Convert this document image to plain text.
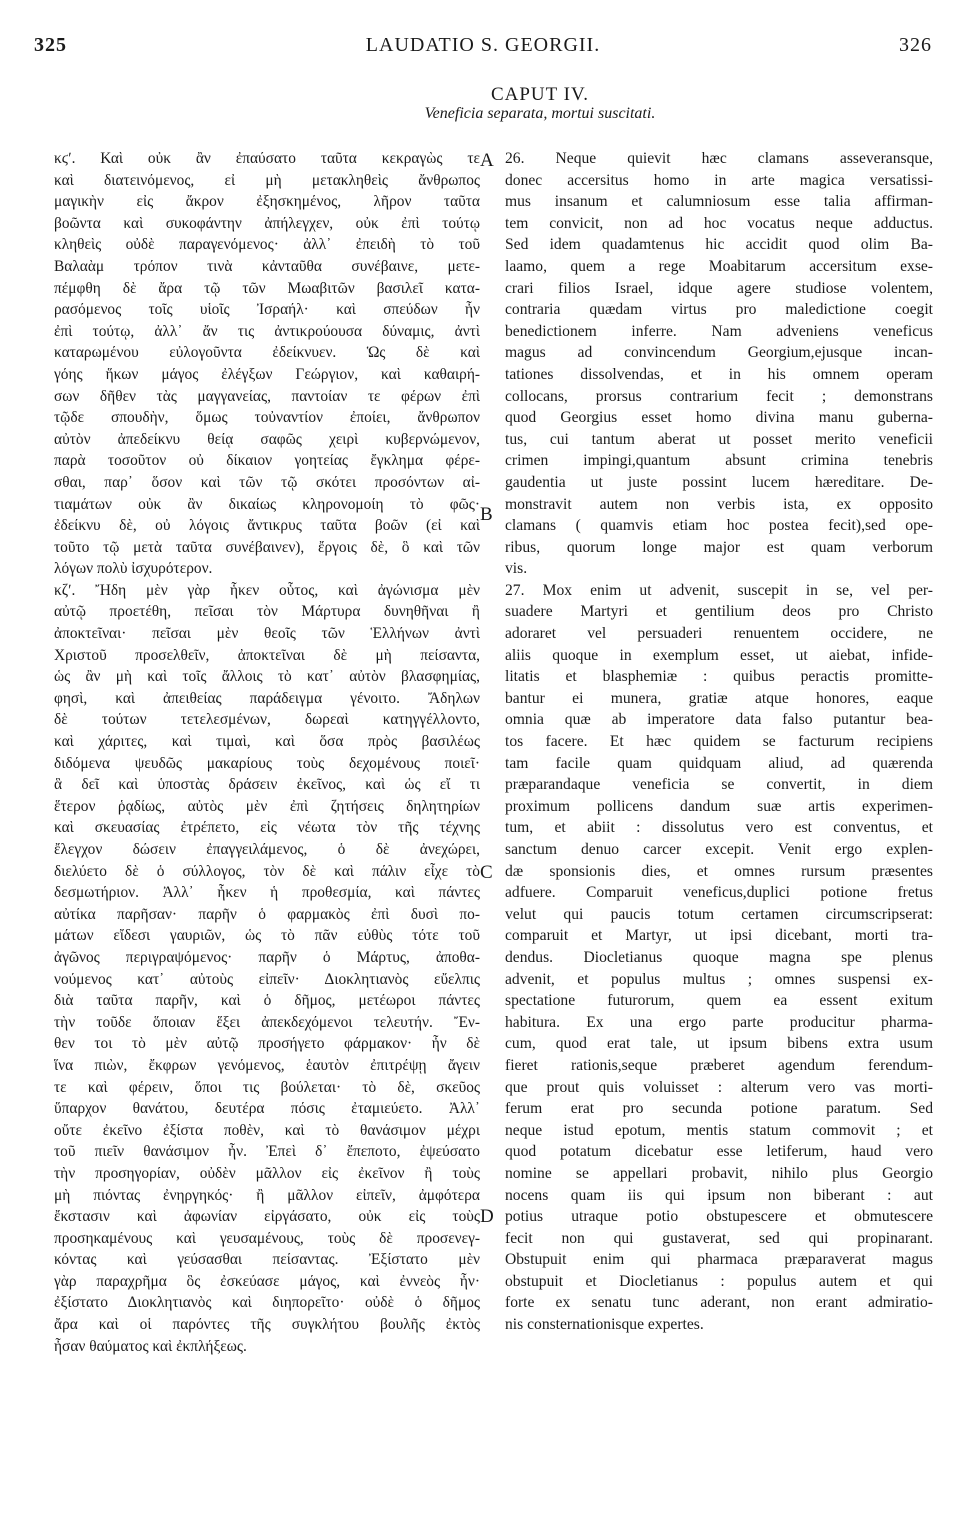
325	LAUDATIO S. GEORGII.	326
CAPUT IV.
Veneficia separata, mortui suscitati.
κϛʹ. Καὶ οὐκ ἂν ἐπαύσατο ταῦτα κεκραγὼς τε
καὶ διατεινόμενος, εἰ μὴ μετακληθεὶς ἄνθρωπος
μαγικὴν εἰς ἄκρον ἐξησκημένος, λῆρον ταῦτα
βοῶντα καὶ συκοφάντην ἀπήλεγχεν, οὐκ ἐπὶ τούτῳ
κληθεὶς οὐδὲ παραγενόμενος· ἀλλ᾽ ἐπειδὴ τὸ τοῦ
Βαλαὰμ τρόπον τινὰ κἀνταῦθα συνέβαινε, μετε-
πέμφθη δὲ ἄρα τῷ τῶν Μωαβιτῶν βασιλεῖ κατα-
ρασόμενος τοῖς υἱοῖς Ἰσραήλ· καὶ σπεύδων ἦν
ἐπὶ τούτῳ, ἀλλ᾽ ἄν τις ἀντικρούουσα δύναμις, ἀντὶ
καταρωμένου εὐλογοῦντα ἐδείκνυεν. Ὡς δὲ καὶ
γόης ἥκων μάγος ἐλέγξων Γεώργιον, καὶ καθαιρή-
σων δῆθεν τὰς μαγγανείας, παντοίαν τε φέρων ἐπὶ
τῷδε σπουδὴν, ὅμως τοὐναντίον ἐποίει, ἄνθρωπον
αὐτὸν ἀπεδείκνυ θείᾳ σαφῶς χειρὶ κυβερνώμενον,
παρὰ τοσοῦτον οὐ δίκαιον γοητείας ἔγκλημα φέρε-
σθαι, παρ᾽ ὅσον καὶ τῶν τῷ σκότει προσόντων αἰ-
τιαμάτων οὐκ ἂν δικαίως κληρονομοίη τὸ φῶς·
ἐδείκνυ δὲ, οὐ λόγοις ἄντικρυς ταῦτα βοῶν (εἰ καὶ
τοῦτο τῷ μετὰ ταῦτα συνέβαινεν), ἔργοις δὲ, ὃ καὶ τῶν
λόγων πολὺ ἰσχυρότερον.
κζʹ. Ἤδη μὲν γὰρ ἧκεν οὗτος, καὶ ἀγώνισμα μὲν
αὐτῷ προετέθη, πεῖσαι τὸν Μάρτυρα δυνηθῆναι ἢ
ἀποκτεῖναι· πεῖσαι μὲν θεοῖς τῶν Ἑλλήνων ἀντὶ
Χριστοῦ προσελθεῖν, ἀποκτεῖναι δὲ μὴ πείσαντα,
ὡς ἂν μὴ καὶ τοῖς ἄλλοις τὸ κατ᾽ αὐτὸν βλασφημίας,
φησὶ, καὶ ἀπειθείας παράδειγμα γένοιτο. Ἄδηλων
δὲ τούτων τετελεσμένων, δωρεαὶ κατηγγέλλοντο,
καὶ χάριτες, καὶ τιμαὶ, καὶ ὅσα πρὸς βασιλέως
διδόμενα ψευδῶς μακαρίους τοὺς δεχομένους ποιεῖ·
ἃ δεῖ καὶ ὑποστὰς δράσειν ἐκεῖνος, καὶ ὡς εἴ τι
ἕτερον ῥᾳδίως, αὐτὸς μὲν ἐπὶ ζητήσεις δηλητηρίων
καὶ σκευασίας ἐτρέπετο, εἰς νέωτα τὸν τῆς τέχνης
ἔλεγχον δώσειν ἐπαγγειλάμενος, ὁ δὲ ἀνεχώρει,
διελύετο δὲ ὁ σύλλογος, τὸν δὲ καὶ πάλιν εἶχε τὸ
δεσμωτήριον. Ἀλλ᾽ ἧκεν ἡ προθεσμία, καὶ πάντες
αὐτίκα παρῆσαν· παρῆν ὁ φαρμακὸς ἐπὶ δυσὶ πο-
μάτων εἴδεσι γαυριῶν, ὡς τὸ πᾶν εὐθὺς τότε τοῦ
ἀγῶνος περιγραψόμενος· παρῆν ὁ Μάρτυς, ἀποθα-
νούμενος κατ᾽ αὐτοὺς εἰπεῖν· Διοκλητιανὸς εὔελπις
διὰ ταῦτα παρῆν, καὶ ὁ δῆμος, μετέωροι πάντες
τὴν τοῦδε ὅποιαν ἕξει ἀπεκδεχόμενοι τελευτήν. Ἔν-
θεν τοι τὸ μὲν αὐτῷ προσήγετο φάρμακον· ἦν δὲ
ἵνα πιὼν, ἔκφρων γενόμενος, ἑαυτὸν ἐπιτρέψῃ ἄγειν
τε καὶ φέρειν, ὅποι τις βούλεται· τὸ δὲ, σκεῦος
ὕπαρχον θανάτου, δευτέρα πόσις ἐταμιεύετο. Ἀλλ᾽
οὔτε ἐκεῖνο ἐξίστα ποθὲν, καὶ τὸ θανάσιμον μέχρι
τοῦ πιεῖν θανάσιμον ἦν. Ἐπεὶ δ᾽ ἔπεποτο, ἐψεύσατο
τὴν προσηγορίαν, οὐδὲν μᾶλλον εἰς ἐκεῖνον ἢ τοὺς
μὴ πιόντας ἐνηργηκός· ἢ μᾶλλον εἰπεῖν, ἀμφότερα
ἔκστασιν καὶ ἀφωνίαν εἰργάσατο, οὐκ εἰς τοὺς
προσηκαμένους καὶ γευσαμένους, τοὺς δὲ προσενεγ-
κόντας καὶ γεύσασθαι πείσαντας. Ἐξίστατο μὲν
γὰρ παραχρῆμα ὃς ἐσκεύασε μάγος, καὶ ἐννεὸς ἦν·
ἐξίστατο Διοκλητιανὸς καὶ διηπορεῖτο· οὐδὲ ὁ δῆμος
ἄρα καὶ οἱ παρόντες τῆς συγκλήτου βουλῆς ἐκτὸς
ἦσαν θαύματος καὶ ἐκπλήξεως.
26. Neque quievit hæc clamans asseveransque,
donec accersitus homo in arte magica versatissi-
mus insanum et calumniosum esse talia affirman-
tem convicit, non ad hoc vocatus neque adductus.
Sed idem quadamtenus hic accidit quod olim Ba-
laamo, quem a rege Moabitarum accersitum exse-
crari filios Israel, idque agere studiose volentem,
contraria quædam virtus pro maledictione coegit
benedictionem inferre. Nam adveniens veneficus
magus ad convincendum Georgium,ejusque incan-
tationes dissolvendas, et in his omnem operam
collocans, prorsus contrarium fecit ; demonstrans
quod Georgius esset homo divina manu guberna-
tus, cui tantum aberat ut posset merito veneficii
crimen impingi,quantum absunt crimina tenebris
gaudentia ut juste possint lucem hæreditare. De-
monstravit autem non verbis ista, ex opposito
clamans ( quamvis etiam hoc postea fecit),sed ope-
ribus, quorum longe major est quam verborum
vis.
27. Mox enim ut advenit, suscepit in se, vel per-
suadere Martyri et gentilium deos pro Christo
adoraret vel persuaderi renuentem occidere, ne
aliis quoque in exemplum esset, ut aiebat, infide-
litatis et blasphemiæ : quibus peractis promitte-
bantur ei munera, gratiæ atque honores, eaque
omnia quæ ab imperatore data falso putantur bea-
tos facere. Et hæc quidem se facturum recipiens
tam facile quam quidquam aliud, ad quærenda
præparandaque veneficia se convertit, in diem
proximum pollicens dandum suæ artis experimen-
tum, et abiit : dissolutus vero est conventus, et
sanctum denuo carcer excepit. Venit ergo explen-
dæ sponsionis dies, et omnes rursum præsentes
adfuere. Comparuit veneficus,duplici potione fretus
velut qui paucis totum certamen circumscripserat:
comparuit et Martyr, ut ipsi dicebant, morti tra-
dendus. Diocletianus quoque magna spe plenus
advenit, et populus multus ; omnes suspensi ex-
spectatione futurorum, quem ea essent exitum
habitura. Ex una ergo parte producitur pharma-
cum, quod erat tale, ut ipsum bibens extra usum
fieret rationis,seque præberet agendum ferendum-
que prout quis voluisset : alterum vero vas morti-
ferum erat pro secunda potione paratum. Sed
neque istud epotum, mentis statum commovit ; et
quod potatum dicebatur esse letiferum, haud vero
nomine se appellari probavit, nihilo plus Georgio
nocens quam iis qui ipsum non biberant : aut
potius utraque potio obstupescere et obmutescere
fecit non qui gustaverat, sed qui propinarant.
Obstupuit enim qui pharmaca præparaverat magus
obstupuit et Diocletianus : populus autem et qui
forte ex senatu tunc aderant, non erant admiratio-
nis consternationisque expertes.
A
B
C
D
